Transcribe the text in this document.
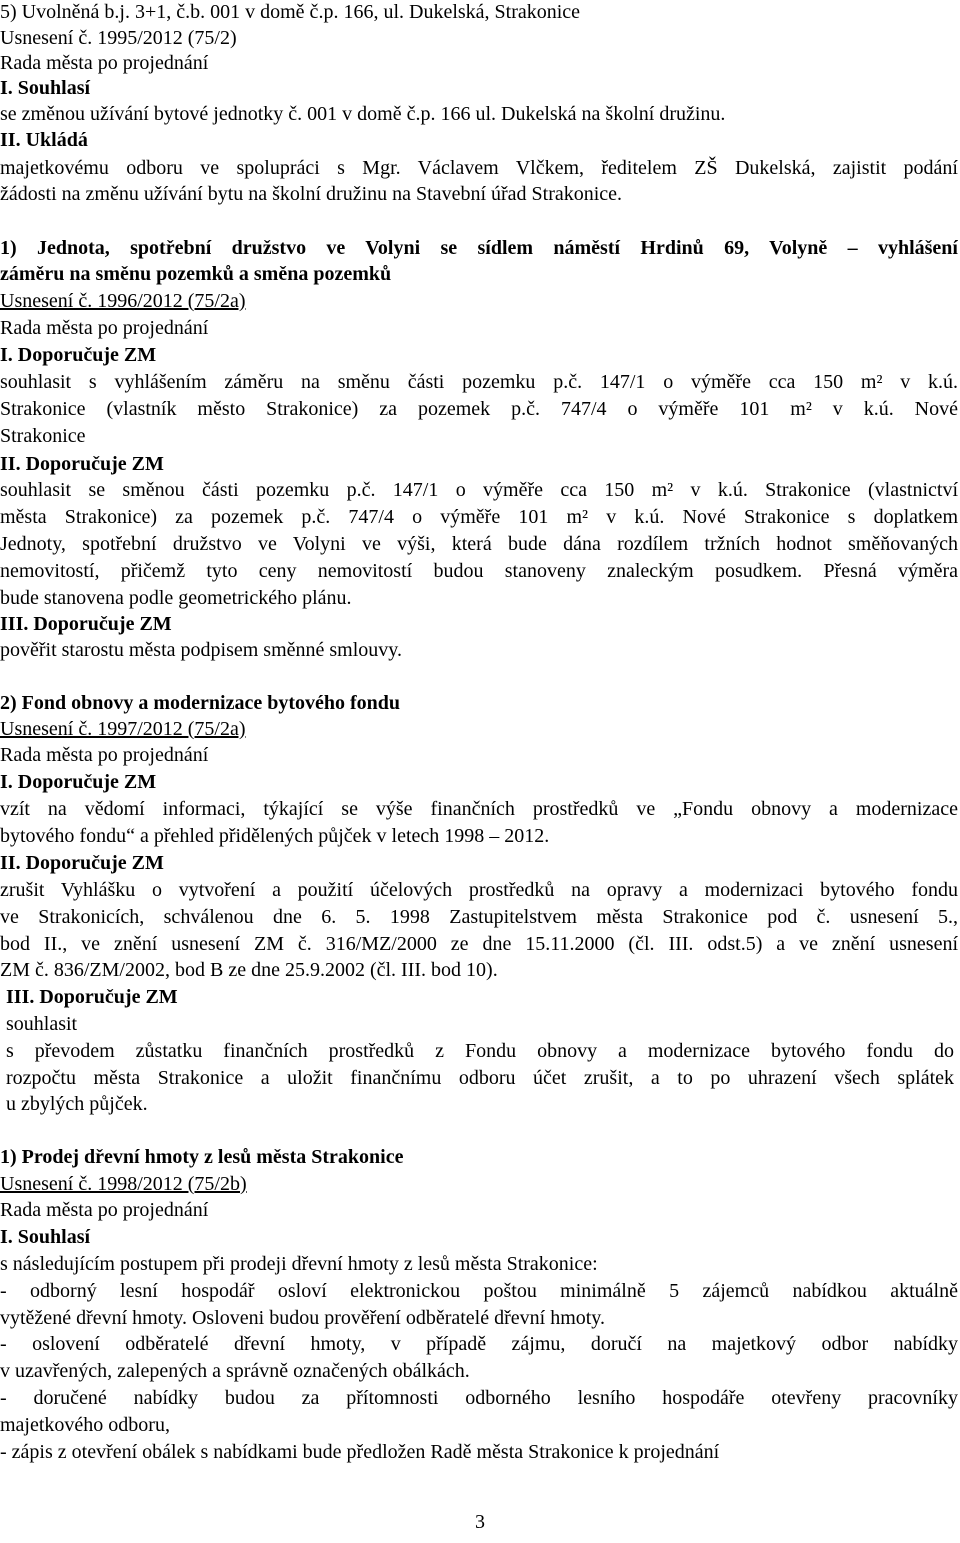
3
5) Uvolněná b.j. 3+1, č.b. 001 v domě č.p. 166, ul. Dukelská, Strakonice
Usnesení č. 1995/2012 (75/2)
Rada města po projednání
I. Souhlasí
se změnou užívání bytové jednotky č. 001 v domě č.p. 166 ul. Dukelská na školní družinu.
II. Ukládá
majetkovému odboru ve spolupráci s Mgr. Václavem Vlčkem, ředitelem ZŠ Dukelská, zajistit podání
žádosti na změnu užívání bytu na školní družinu na Stavební úřad Strakonice.
1) Jednota, spotřební družstvo ve Volyni se sídlem náměstí Hrdinů 69, Volyně – vyhlášení
záměru na směnu pozemků a směna pozemků
Usnesení č. 1996/2012 (75/2a)
Rada města po projednání
I. Doporučuje ZM
souhlasit s vyhlášením záměru na směnu části pozemku p.č. 147/1 o výměře cca 150 m² v k.ú.
Strakonice (vlastník město Strakonice) za pozemek p.č. 747/4 o výměře 101 m² v k.ú. Nové
Strakonice
II. Doporučuje ZM
souhlasit se směnou části pozemku p.č. 147/1 o výměře cca 150 m² v k.ú. Strakonice (vlastnictví
města Strakonice) za pozemek p.č. 747/4 o výměře 101 m² v k.ú. Nové Strakonice s doplatkem
Jednoty, spotřební družstvo ve Volyni ve výši, která bude dána rozdílem tržních hodnot směňovaných
nemovitostí, přičemž tyto ceny nemovitostí budou stanoveny znaleckým posudkem. Přesná výměra
bude stanovena podle geometrického plánu.
III. Doporučuje ZM
pověřit starostu města podpisem směnné smlouvy.
2) Fond obnovy a modernizace bytového fondu
Usnesení č. 1997/2012 (75/2a)
Rada města po projednání
I. Doporučuje ZM
vzít na vědomí informaci, týkající se výše finančních prostředků ve „Fondu obnovy a modernizace
bytového fondu“ a přehled přidělených půjček v letech 1998 – 2012.
II. Doporučuje ZM
zrušit Vyhlášku o vytvoření a použití účelových prostředků na opravy a modernizaci bytového fondu
ve Strakonicích, schválenou dne 6. 5. 1998 Zastupitelstvem města Strakonice pod č. usnesení 5.,
bod II., ve znění usnesení ZM č. 316/MZ/2000 ze dne 15.11.2000 (čl. III. odst.5) a ve znění usnesení
ZM č. 836/ZM/2002, bod B ze dne 25.9.2002 (čl. III. bod 10).
III. Doporučuje ZM
souhlasit
s převodem zůstatku finančních prostředků z Fondu obnovy a modernizace bytového fondu do
rozpočtu města Strakonice a uložit finančnímu odboru účet zrušit, a to po uhrazení všech splátek
u zbylých půjček.
1) Prodej dřevní hmoty z lesů města Strakonice
Usnesení č. 1998/2012 (75/2b)
Rada města po projednání
I. Souhlasí
s následujícím postupem při prodeji dřevní hmoty z lesů města Strakonice:
- odborný lesní hospodář osloví elektronickou poštou minimálně 5 zájemců nabídkou aktuálně
vytěžené dřevní hmoty. Osloveni budou prověření odběratelé dřevní hmoty.
- oslovení odběratelé dřevní hmoty, v případě zájmu, doručí na majetkový odbor nabídky
v uzavřených, zalepených a správně označených obálkách.
- doručené nabídky budou za přítomnosti odborného lesního hospodáře otevřeny pracovníky
majetkového odboru,
- zápis z otevření obálek s nabídkami bude předložen Radě města Strakonice k projednání
